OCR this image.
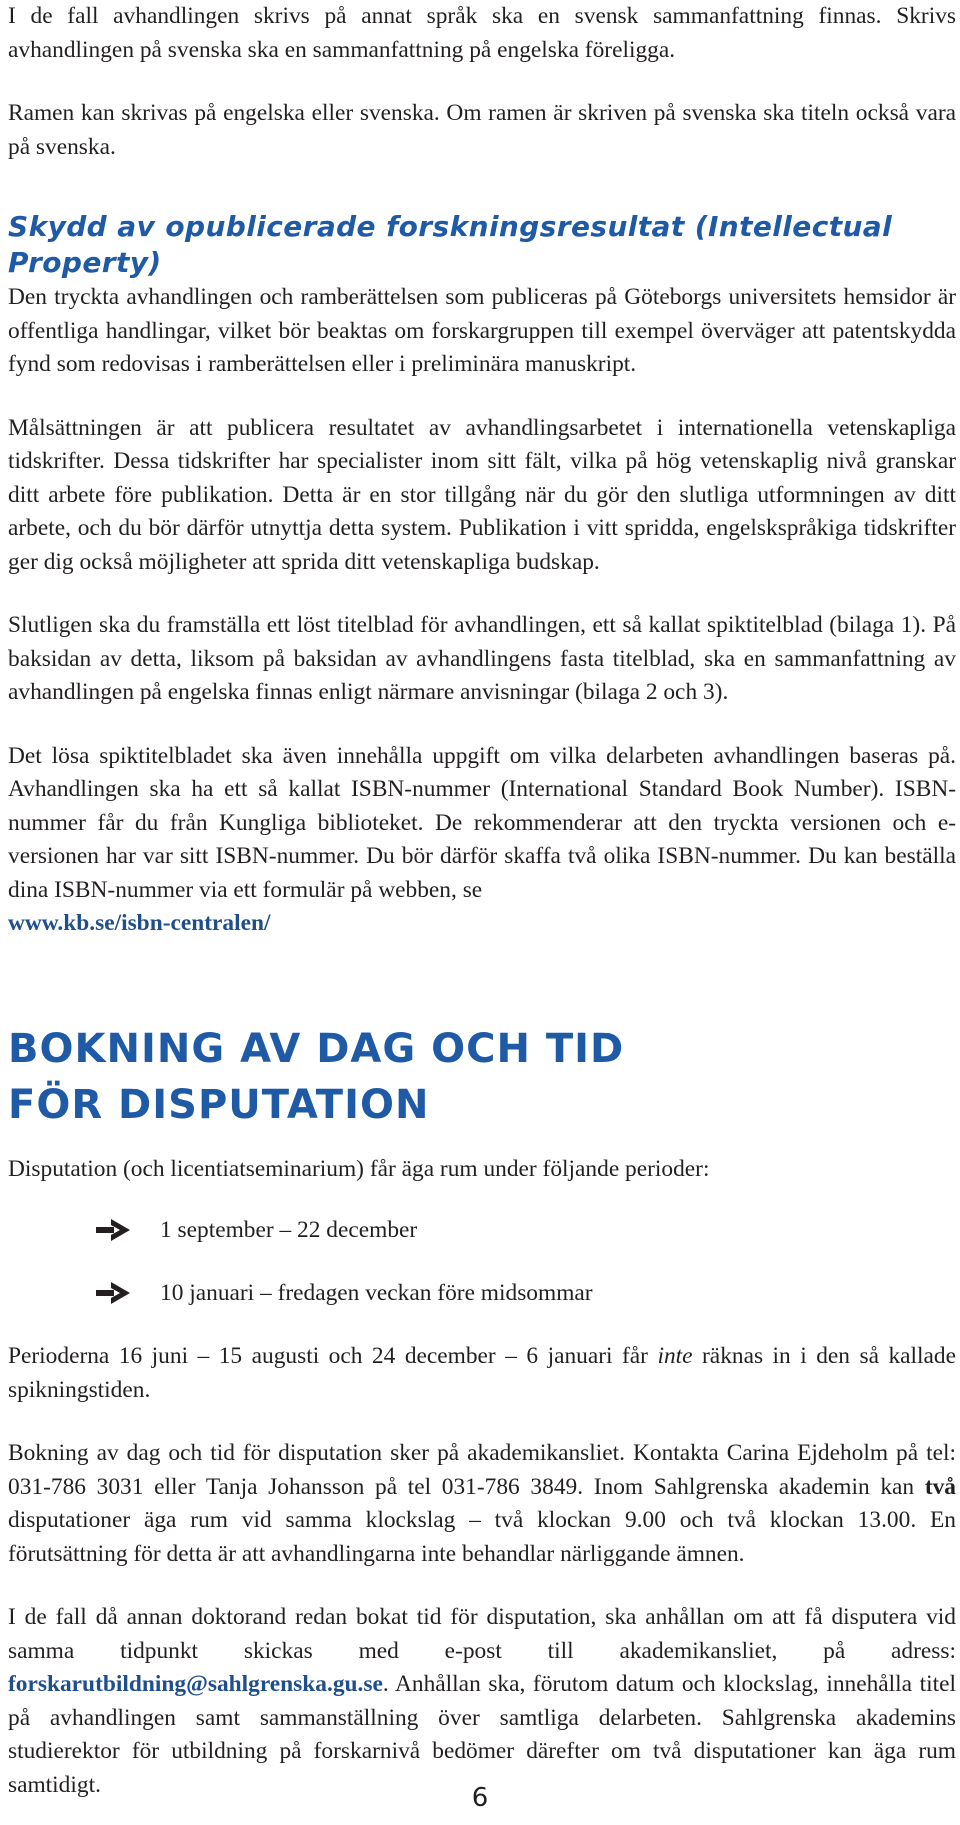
I de fall avhandlingen skrivs på annat språk ska en svensk sammanfattning finnas. Skrivs avhandlingen på svenska ska en sammanfattning på engelska föreligga.

Ramen kan skrivas på engelska eller svenska. Om ramen är skriven på svenska ska titeln också vara på svenska.

Skydd av opublicerade forskningsresultat (Intellectual Property)

Den tryckta avhandlingen och ramberättelsen som publiceras på Göteborgs universitets hemsidor är offentliga handlingar, vilket bör beaktas om forskargruppen till exempel överväger att patentskydda fynd som redovisas i ramberättelsen eller i preliminära manuskript.

Målsättningen är att publicera resultatet av avhandlingsarbetet i internationella vetenskapliga tidskrifter. Dessa tidskrifter har specialister inom sitt fält, vilka på hög vetenskaplig nivå granskar ditt arbete före publikation. Detta är en stor tillgång när du gör den slutliga utformningen av ditt arbete, och du bör därför utnyttja detta system. Publikation i vitt spridda, engelskspråkiga tidskrifter ger dig också möjligheter att sprida ditt vetenskapliga budskap.

Slutligen ska du framställa ett löst titelblad för avhandlingen, ett så kallat spiktitelblad (bilaga 1). På baksidan av detta, liksom på baksidan av avhandlingens fasta titelblad, ska en sammanfattning av avhandlingen på engelska finnas enligt närmare anvisningar (bilaga 2 och 3).

Det lösa spiktitelbladet ska även innehålla uppgift om vilka delarbeten avhandlingen baseras på. Avhandlingen ska ha ett så kallat ISBN-nummer (International Standard Book Number). ISBN-nummer får du från Kungliga biblioteket. De rekommenderar att den tryckta versionen och e-versionen har var sitt ISBN-nummer. Du bör därför skaffa två olika ISBN-nummer. Du kan beställa dina ISBN-nummer via ett formulär på webben, se
www.kb.se/isbn-centralen/

BOKNING AV DAG OCH TID
FÖR DISPUTATION

Disputation (och licentiatseminarium) får äga rum under följande perioder:

1 september – 22 december
10 januari – fredagen veckan före midsommar

Perioderna 16 juni – 15 augusti och 24 december – 6 januari får inte räknas in i den så kallade spikningstiden.

Bokning av dag och tid för disputation sker på akademikansliet. Kontakta Carina Ejdeholm på tel: 031-786 3031 eller Tanja Johansson på tel 031-786 3849. Inom Sahlgrenska akademin kan två disputationer äga rum vid samma klockslag – två klockan 9.00 och två klockan 13.00. En förutsättning för detta är att avhandlingarna inte behandlar närliggande ämnen.

I de fall då annan doktorand redan bokat tid för disputation, ska anhållan om att få disputera vid samma tidpunkt skickas med e-post till akademikansliet, på adress: forskarutbildning@sahlgrenska.gu.se. Anhållan ska, förutom datum och klockslag, innehålla titel på avhandlingen samt sammanställning över samtliga delarbeten. Sahlgrenska akademins studierektor för utbildning på forskarnivå bedömer därefter om två disputationer kan äga rum samtidigt.	6
